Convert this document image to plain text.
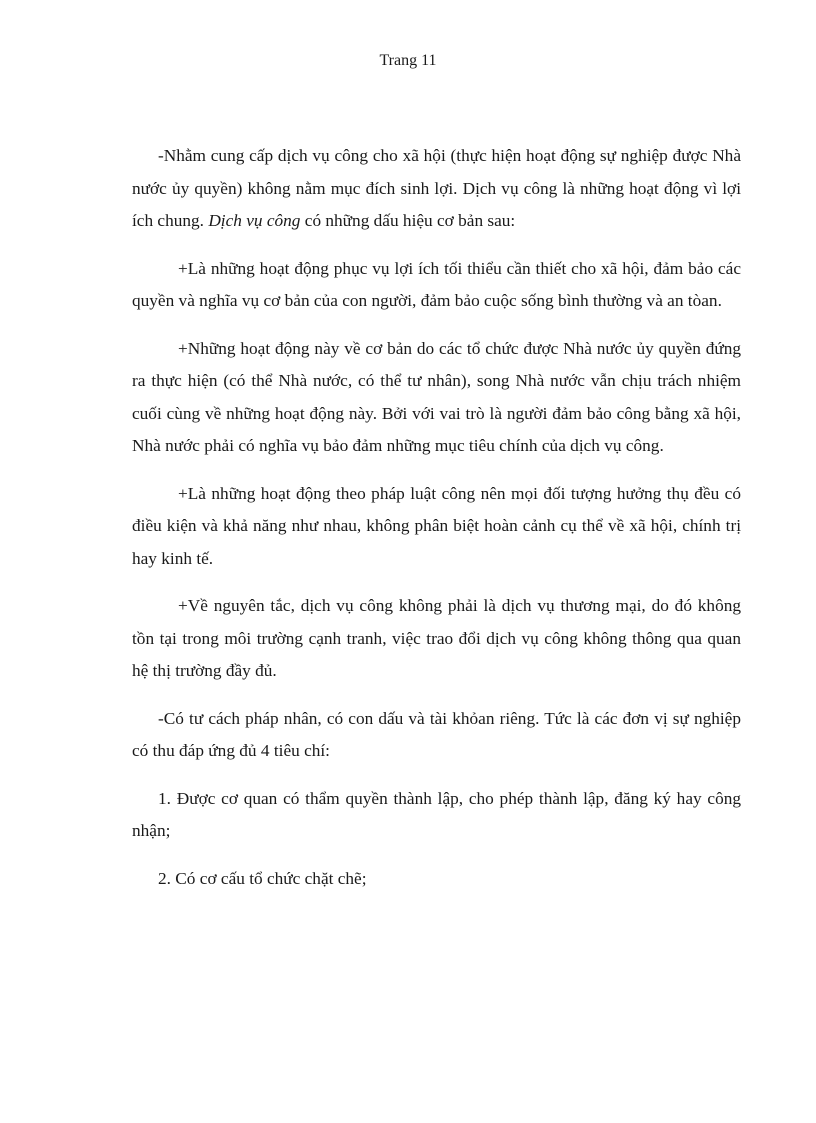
Trang 11

-Nhằm cung cấp dịch vụ công cho xã hội (thực hiện hoạt động sự nghiệp được Nhà nước ủy quyền) không nằm mục đích sinh lợi. Dịch vụ công là những hoạt động vì lợi ích chung. Dịch vụ công có những dấu hiệu cơ bản sau:

+Là những hoạt động phục vụ lợi ích tối thiểu cần thiết cho xã hội, đảm bảo các quyền và nghĩa vụ cơ bản của con người, đảm bảo cuộc sống bình thường và an tòan.

+Những hoạt động này về cơ bản do các tổ chức được Nhà nước ủy quyền đứng ra thực hiện (có thể Nhà nước, có thể tư nhân), song Nhà nước vẫn chịu trách nhiệm cuối cùng về những hoạt động này. Bởi với vai trò là người đảm bảo công bằng xã hội, Nhà nước phải có nghĩa vụ bảo đảm những mục tiêu chính của dịch vụ công.

+Là những hoạt động theo pháp luật công nên mọi đối tượng hưởng thụ đều có điều kiện và khả năng như nhau, không phân biệt hoàn cảnh cụ thể về xã hội, chính trị hay kinh tế.

+Về nguyên tắc, dịch vụ công không phải là dịch vụ thương mại, do đó không tồn tại trong môi trường cạnh tranh, việc trao đổi dịch vụ công không thông qua quan hệ thị trường đầy đủ.

-Có tư cách pháp nhân, có con dấu và tài khỏan riêng. Tức là các đơn vị sự nghiệp có thu đáp ứng đủ 4 tiêu chí:

1. Được cơ quan có thẩm quyền thành lập, cho phép thành lập, đăng ký hay công nhận;

2. Có cơ cấu tổ chức chặt chẽ;
